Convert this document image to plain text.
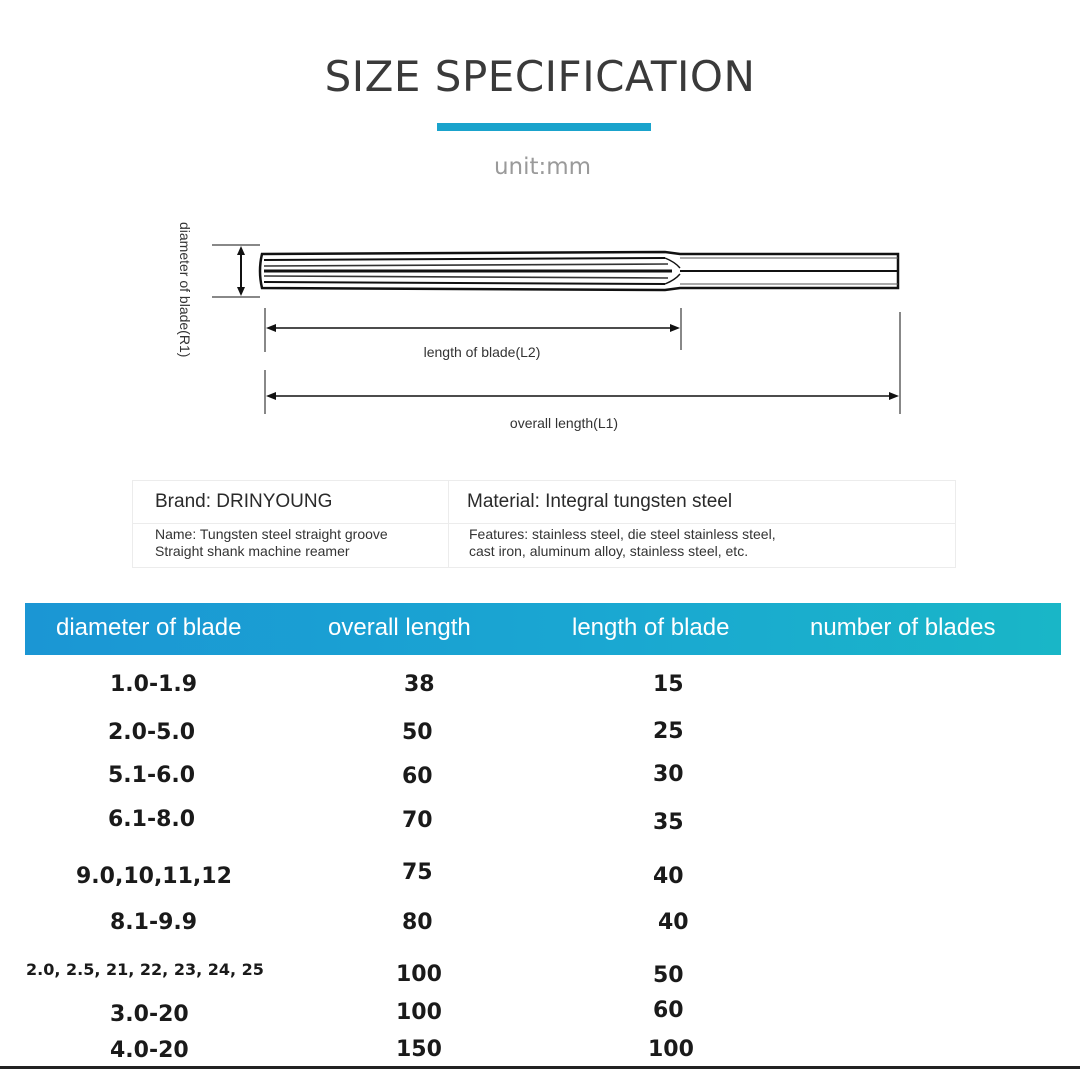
SIZE SPECIFICATION
unit:mm
diameter of blade(R1)	length of blade(L2)
overall length(L1)
Brand: DRINYOUNG	Material: Integral tungsten steel
Name: Tungsten steel straight groove
Straight shank machine reamer
Features: stainless steel, die steel stainless steel,
cast iron, aluminum alloy, stainless steel, etc.
diameter of blade	overall length	length of blade	number of blades
1.0-1.9	38	15
2.0-5.0	50	25
5.1-6.0	60	30
6.1-8.0	70	35
9.0,10,11,12	75	40
8.1-9.9	80	40
2.0, 2.5, 21, 22, 23, 24, 25	100	50
3.0-20	100	60
4.0-20	150	100
